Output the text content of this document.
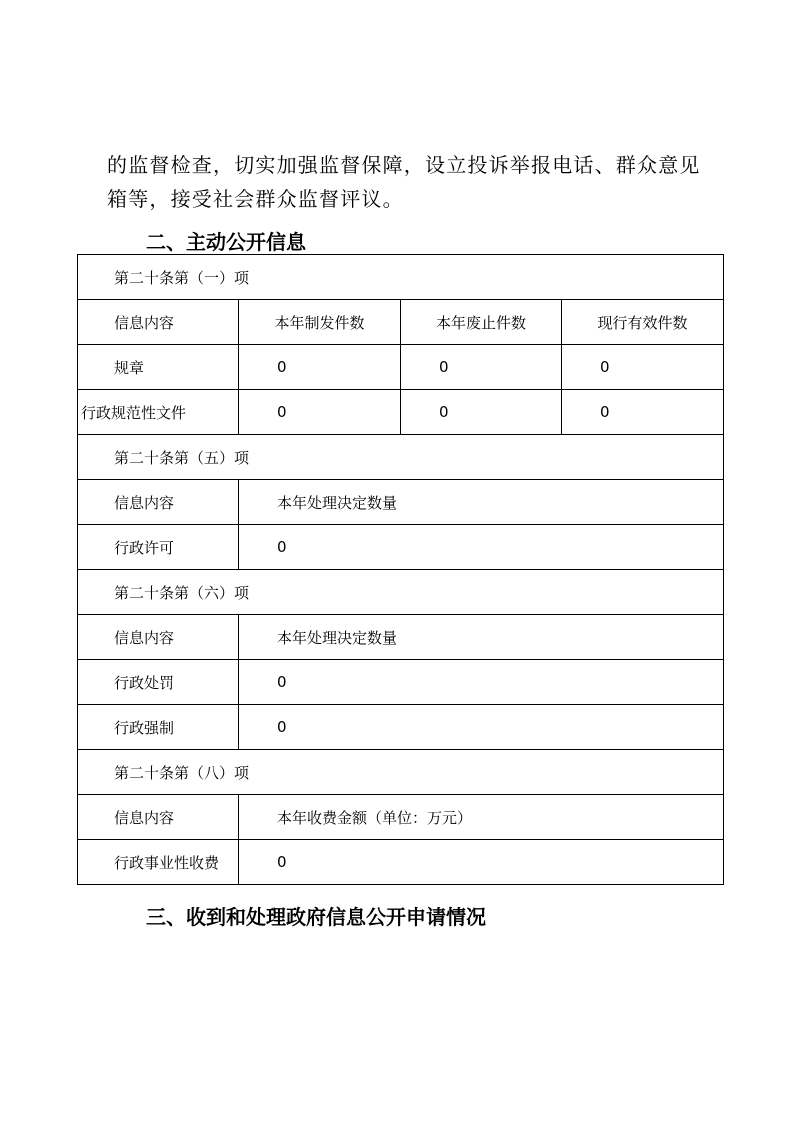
的监督检查，切实加强监督保障，设立投诉举报电话、群众意见
箱等，接受社会群众监督评议。
二、主动公开信息
第二十条第（一）项			
信息内容	本年制发件数	本年废止件数	现行有效件数
规章	0	0	0
行政规范性文件	0	0	0
第二十条第（五）项			
信息内容	本年处理决定数量		
行政许可	0		
第二十条第（六）项			
信息内容	本年处理决定数量		
行政处罚	0		
行政强制	0		
第二十条第（八）项			
信息内容	本年收费金额（单位：万元）		
行政事业性收费	0		
三、收到和处理政府信息公开申请情况
